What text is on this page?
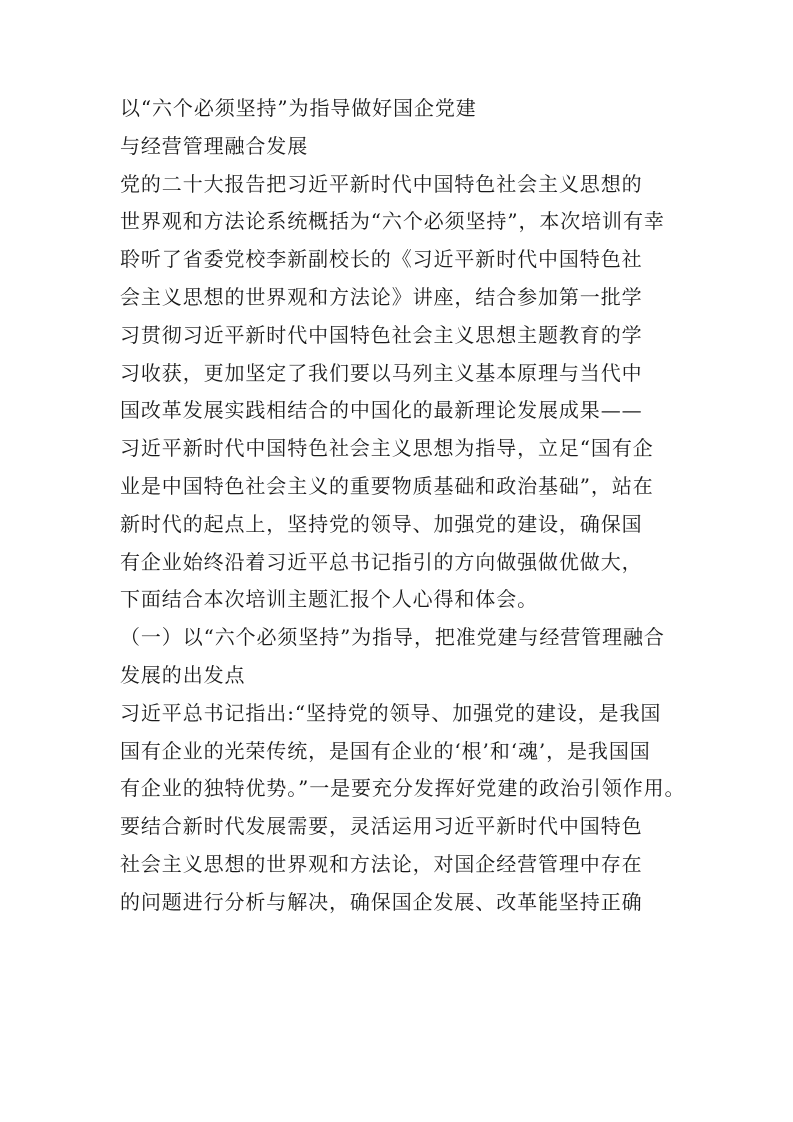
以“六个必须坚持”为指导做好国企党建
与经营管理融合发展
党的二十大报告把习近平新时代中国特色社会主义思想的
世界观和方法论系统概括为“六个必须坚持”，本次培训有幸
聆听了省委党校李新副校长的《习近平新时代中国特色社
会主义思想的世界观和方法论》讲座，结合参加第一批学
习贯彻习近平新时代中国特色社会主义思想主题教育的学
习收获，更加坚定了我们要以马列主义基本原理与当代中
国改革发展实践相结合的中国化的最新理论发展成果——
习近平新时代中国特色社会主义思想为指导，立足“国有企
业是中国特色社会主义的重要物质基础和政治基础”，站在
新时代的起点上，坚持党的领导、加强党的建设，确保国
有企业始终沿着习近平总书记指引的方向做强做优做大，
下面结合本次培训主题汇报个人心得和体会。
（一）以“六个必须坚持”为指导，把准党建与经营管理融合
发展的出发点
习近平总书记指出:“坚持党的领导、加强党的建设，是我国
国有企业的光荣传统，是国有企业的‘根’和‘魂’，是我国国
有企业的独特优势。”一是要充分发挥好党建的政治引领作用。
要结合新时代发展需要，灵活运用习近平新时代中国特色
社会主义思想的世界观和方法论，对国企经营管理中存在
的问题进行分析与解决，确保国企发展、改革能坚持正确
